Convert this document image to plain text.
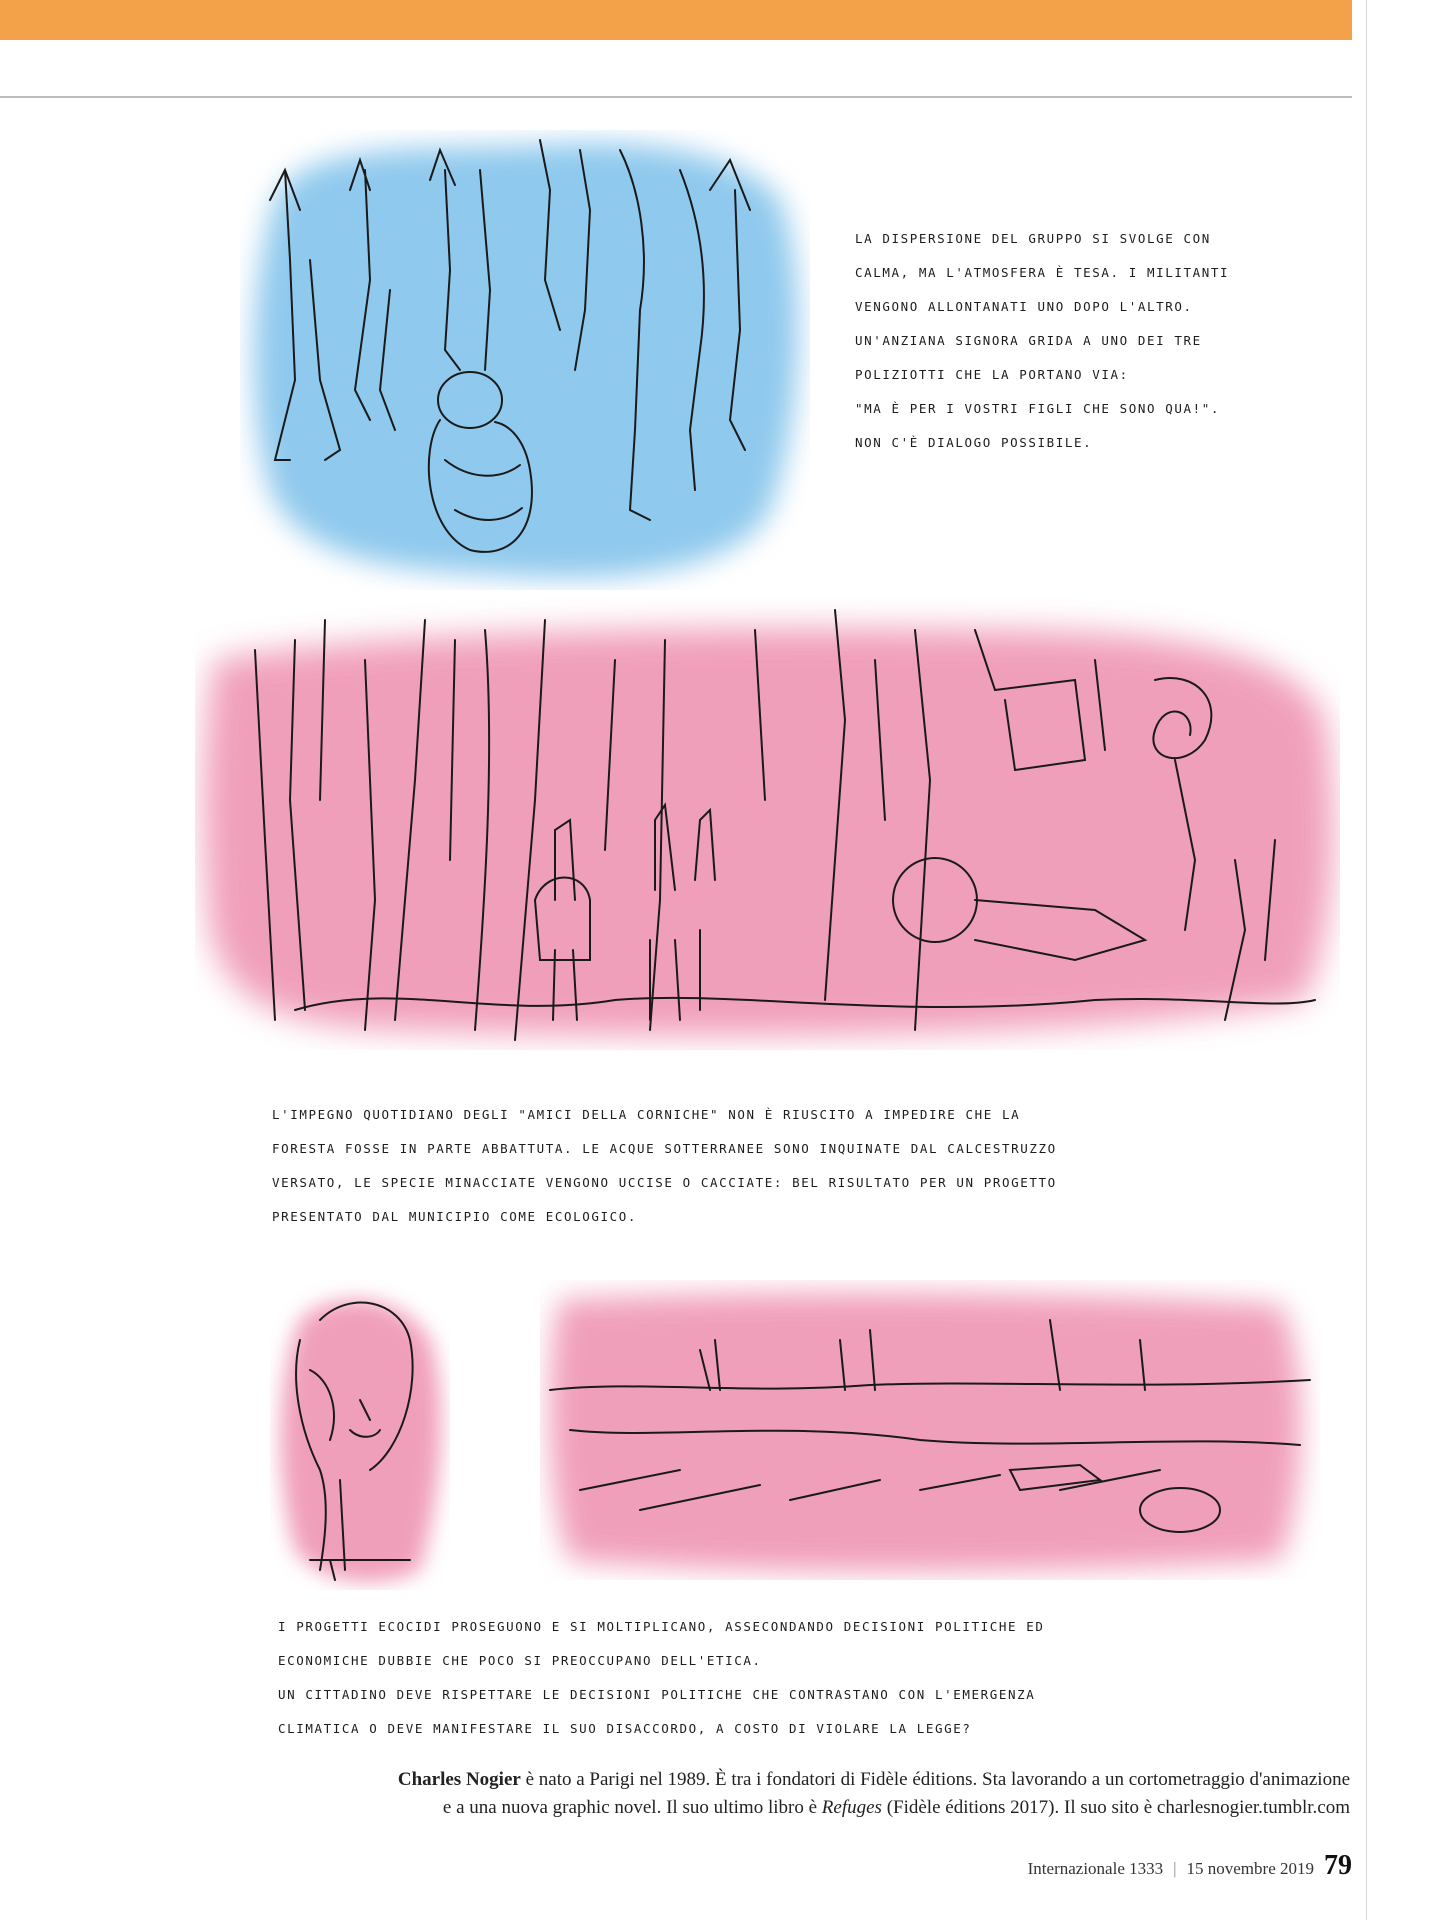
LA DISPERSIONE DEL GRUPPO SI SVOLGE CON
CALMA, MA L'ATMOSFERA È TESA. I MILITANTI
VENGONO ALLONTANATI UNO DOPO L'ALTRO.
UN'ANZIANA SIGNORA GRIDA A UNO DEI TRE
POLIZIOTTI CHE LA PORTANO VIA:
"MA È PER I VOSTRI FIGLI CHE SONO QUA!".
NON C'È DIALOGO POSSIBILE.
L'IMPEGNO QUOTIDIANO DEGLI "AMICI DELLA CORNICHE" NON È RIUSCITO A IMPEDIRE CHE LA
FORESTA FOSSE IN PARTE ABBATTUTA. LE ACQUE SOTTERRANEE SONO INQUINATE DAL CALCESTRUZZO
VERSATO, LE SPECIE MINACCIATE VENGONO UCCISE O CACCIATE: BEL RISULTATO PER UN PROGETTO
PRESENTATO DAL MUNICIPIO COME ECOLOGICO.
I PROGETTI ECOCIDI PROSEGUONO E SI MOLTIPLICANO, ASSECONDANDO DECISIONI POLITICHE ED
ECONOMICHE DUBBIE CHE POCO SI PREOCCUPANO DELL'ETICA.
UN CITTADINO DEVE RISPETTARE LE DECISIONI POLITICHE CHE CONTRASTANO CON L'EMERGENZA
CLIMATICA O DEVE MANIFESTARE IL SUO DISACCORDO, A COSTO DI VIOLARE LA LEGGE?
Charles Nogier è nato a Parigi nel 1989. È tra i fondatori di Fidèle éditions. Sta lavorando a un cortometraggio d'animazione
e a una nuova graphic novel. Il suo ultimo libro è Refuges (Fidèle éditions 2017). Il suo sito è charlesnogier.tumblr.com
Internazionale 1333 | 15 novembre 2019 79
